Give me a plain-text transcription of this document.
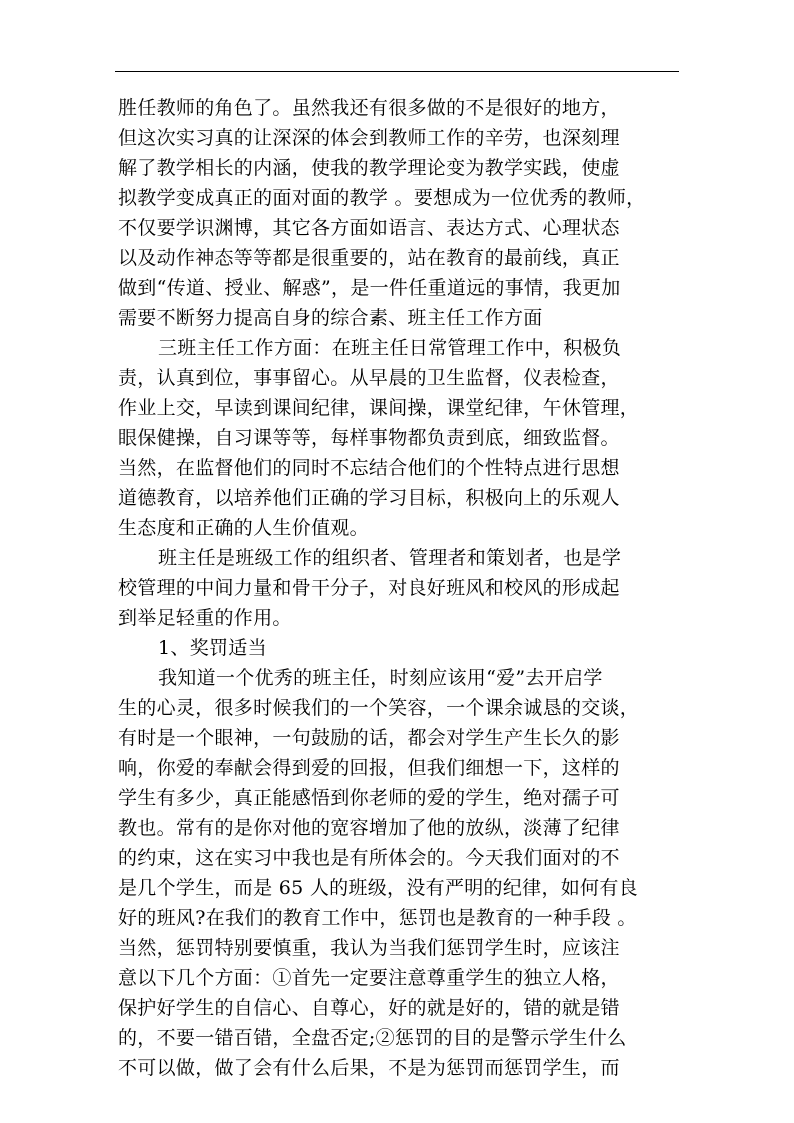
胜任教师的角色了。虽然我还有很多做的不是很好的地方，
但这次实习真的让深深的体会到教师工作的辛劳，也深刻理
解了教学相长的内涵，使我的教学理论变为教学实践，使虚
拟教学变成真正的面对面的教学 。要想成为一位优秀的教师，
不仅要学识渊博，其它各方面如语言、表达方式、心理状态
以及动作神态等等都是很重要的，站在教育的最前线，真正
做到“传道、授业、解惑”，是一件任重道远的事情，我更加
需要不断努力提高自身的综合素、班主任工作方面
三班主任工作方面：在班主任日常管理工作中，积极负
责，认真到位，事事留心。从早晨的卫生监督，仪表检查，
作业上交，早读到课间纪律，课间操，课堂纪律，午休管理，
眼保健操，自习课等等，每样事物都负责到底，细致监督。
当然，在监督他们的同时不忘结合他们的个性特点进行思想
道德教育，以培养他们正确的学习目标，积极向上的乐观人
生态度和正确的人生价值观。
班主任是班级工作的组织者、管理者和策划者，也是学
校管理的中间力量和骨干分子，对良好班风和校风的形成起
到举足轻重的作用。
1、奖罚适当
我知道一个优秀的班主任，时刻应该用“爱”去开启学
生的心灵，很多时候我们的一个笑容，一个课余诚恳的交谈，
有时是一个眼神，一句鼓励的话，都会对学生产生长久的影
响，你爱的奉献会得到爱的回报，但我们细想一下，这样的
学生有多少，真正能感悟到你老师的爱的学生，绝对孺子可
教也。常有的是你对他的宽容增加了他的放纵，淡薄了纪律
的约束，这在实习中我也是有所体会的。今天我们面对的不
是几个学生，而是 65 人的班级，没有严明的纪律，如何有良
好的班风?在我们的教育工作中，惩罚也是教育的一种手段 。
当然，惩罚特别要慎重，我认为当我们惩罚学生时，应该注
意以下几个方面：①首先一定要注意尊重学生的独立人格，
保护好学生的自信心、自尊心，好的就是好的，错的就是错
的，不要一错百错，全盘否定;②惩罚的目的是警示学生什么
不可以做，做了会有什么后果，不是为惩罚而惩罚学生，而
